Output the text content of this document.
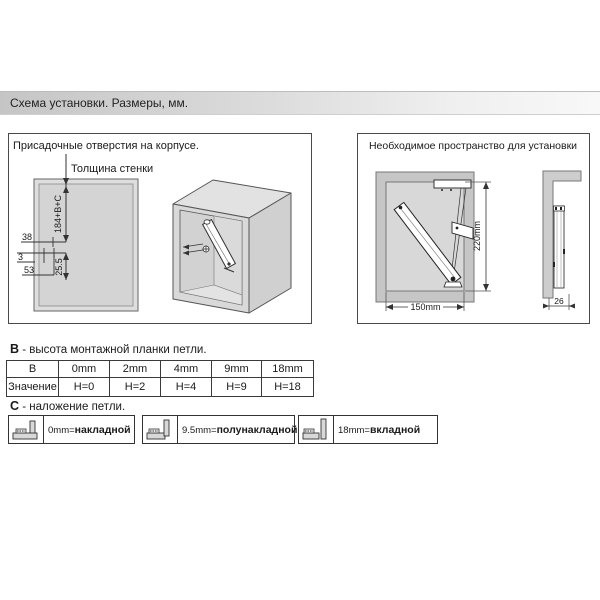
Схема установки. Размеры, мм.
Присадочные отверстия на корпусе.
Толщина стенки
184+B+C
25.5
38
3
53
Необходимое пространство для установки
220mm
150mm
26
B - высота монтажной планки петли.
B	0mm	2mm	4mm	9mm	18mm
Значение	H=0	H=2	H=4	H=9	H=18
C - наложение петли.
0mm=накладной	9.5mm=полунакладной	18mm=вкладной
